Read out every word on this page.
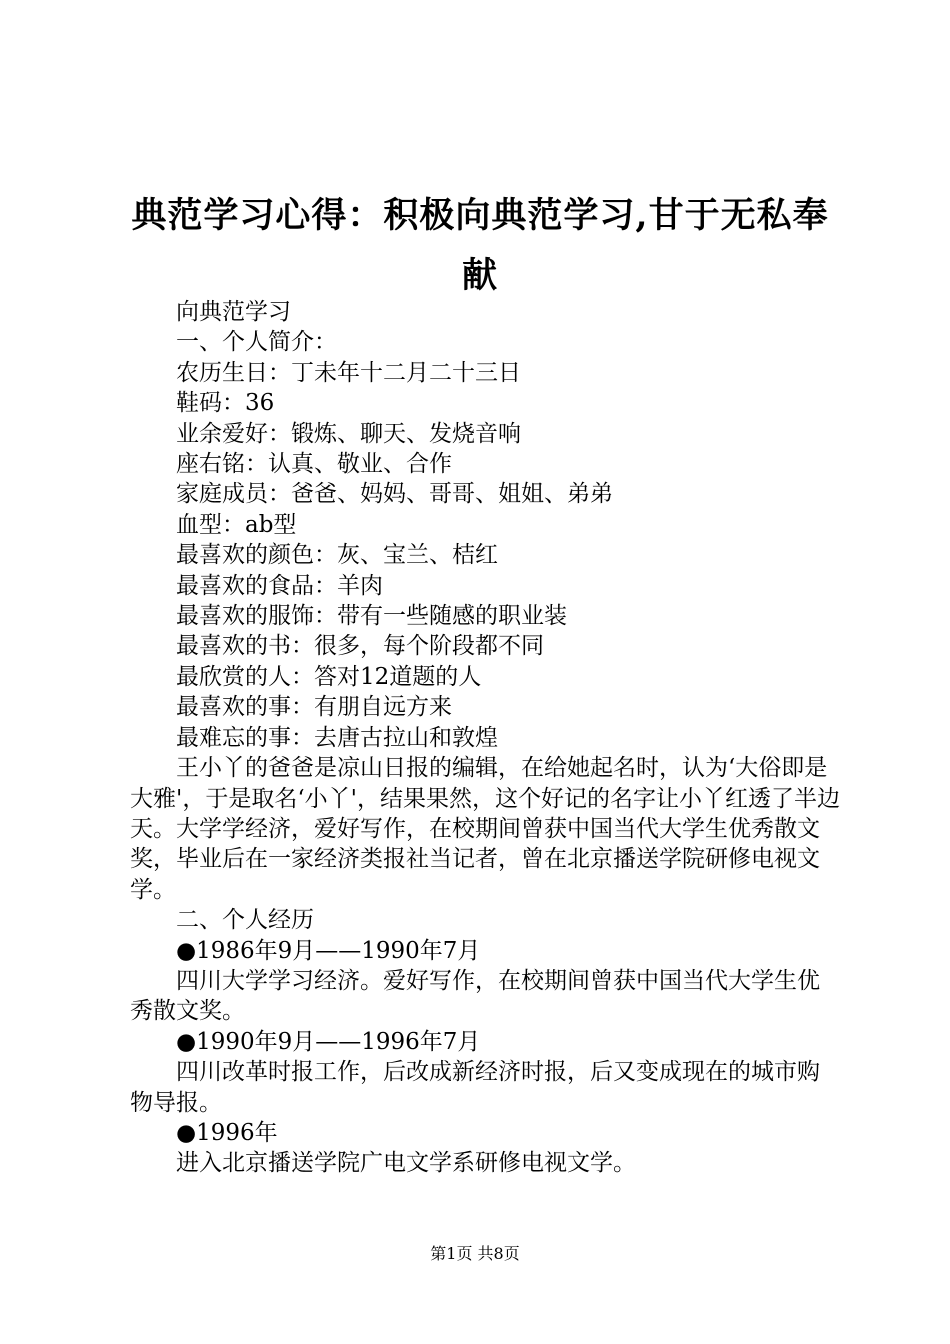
典范学习心得：积极向典范学习,甘于无私奉献

向典范学习

一、个人简介：

农历生日：丁未年十二月二十三日

鞋码：36

业余爱好：锻炼、聊天、发烧音响

座右铭：认真、敬业、合作

家庭成员：爸爸、妈妈、哥哥、姐姐、弟弟

血型：ab型

最喜欢的颜色：灰、宝兰、桔红

最喜欢的食品：羊肉

最喜欢的服饰：带有一些随感的职业装

最喜欢的书：很多，每个阶段都不同

最欣赏的人：答对12道题的人

最喜欢的事：有朋自远方来

最难忘的事：去唐古拉山和敦煌

王小丫的爸爸是凉山日报的编辑，在给她起名时，认为‘大俗即是大雅'，于是取名‘小丫'，结果果然，这个好记的名字让小丫红透了半边天。大学学经济，爱好写作，在校期间曾获中国当代大学生优秀散文奖，毕业后在一家经济类报社当记者，曾在北京播送学院研修电视文学。

二、个人经历

●1986年9月——1990年7月

四川大学学习经济。爱好写作，在校期间曾获中国当代大学生优秀散文奖。

●1990年9月——1996年7月

四川改革时报工作，后改成新经济时报，后又变成现在的城市购物导报。

●1996年

进入北京播送学院广电文学系研修电视文学。

第1页 共8页
